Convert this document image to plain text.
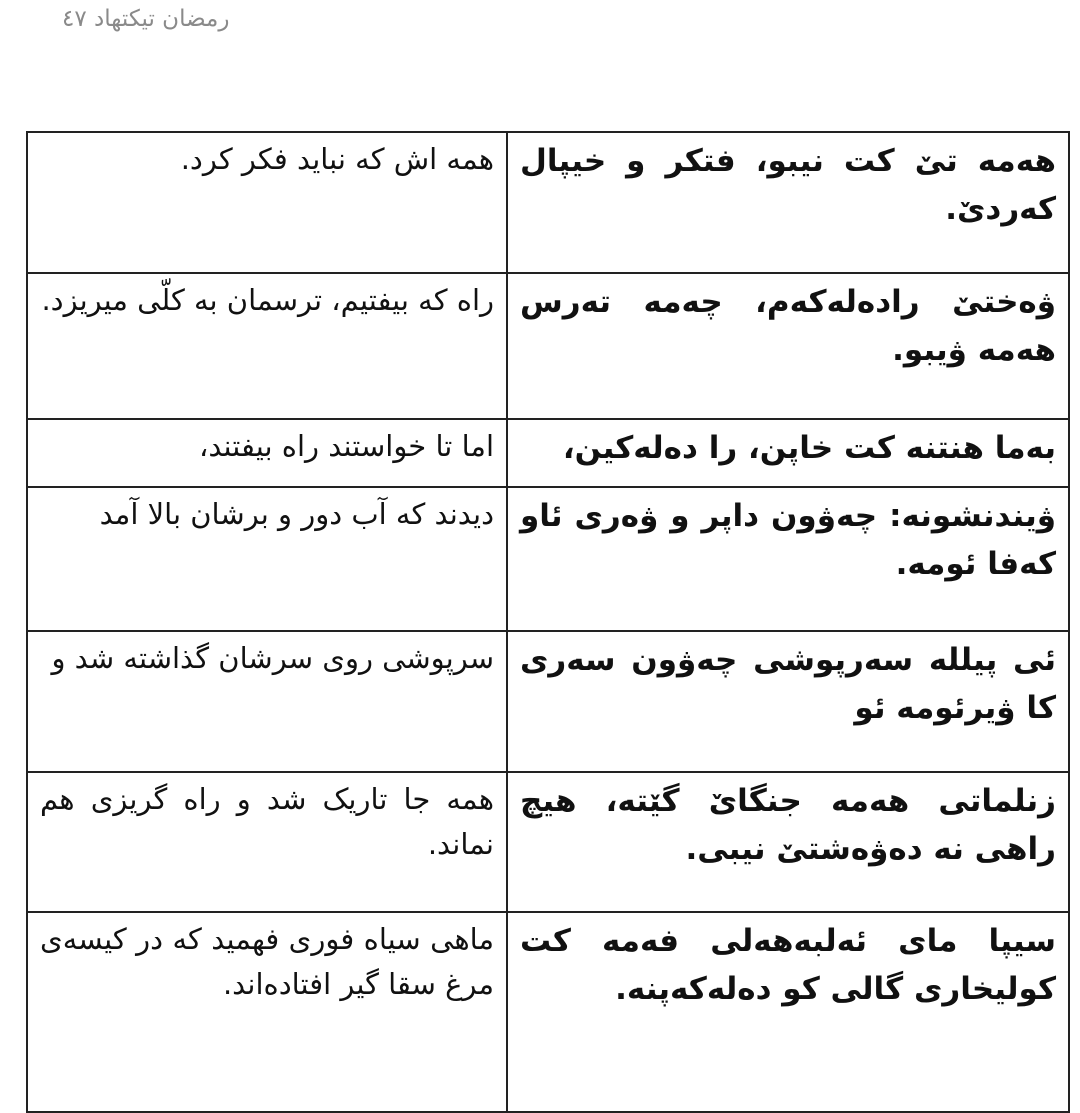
رمضان تیکتهاد ٤٧
هەمە تێ کت نیبو، فتکر و خیپال کەردێ.	همه اش که نباید فکر کرد.
ۋەختێ رادەلەکەم، چەمە تەرس هەمە ۋیبو.	راه که بیفتیم، ترسمان به کلّی میریزد.
بەما هنتنه کت خاپن، را دەلەکین،	اما تا خواستند راه بیفتند،
ۋیندنشونه: چەۋون داپر و ۋەری ئاو کەفا ئومه.	دیدند که آب دور و برشان بالا آمد
ئی پیلله سەرپوشی چەۋون سەری کا ۋیرئومه ئو	سرپوشی روی سرشان گذاشته شد و
زنلماتی هەمە جنگاێ گێته، هیچ راهی نه دەۋەشتێ نیبی.	همه جا تاریک شد و راه گریزی هم نماند.
سیپا مای ئەلبەهەلی فەمە کت کولیخاری گالی کو دەلەکەپنه.	ماهی سیاه فوری فهمید که در کیسه‌ی مرغ سقا گیر افتاده‌اند.
